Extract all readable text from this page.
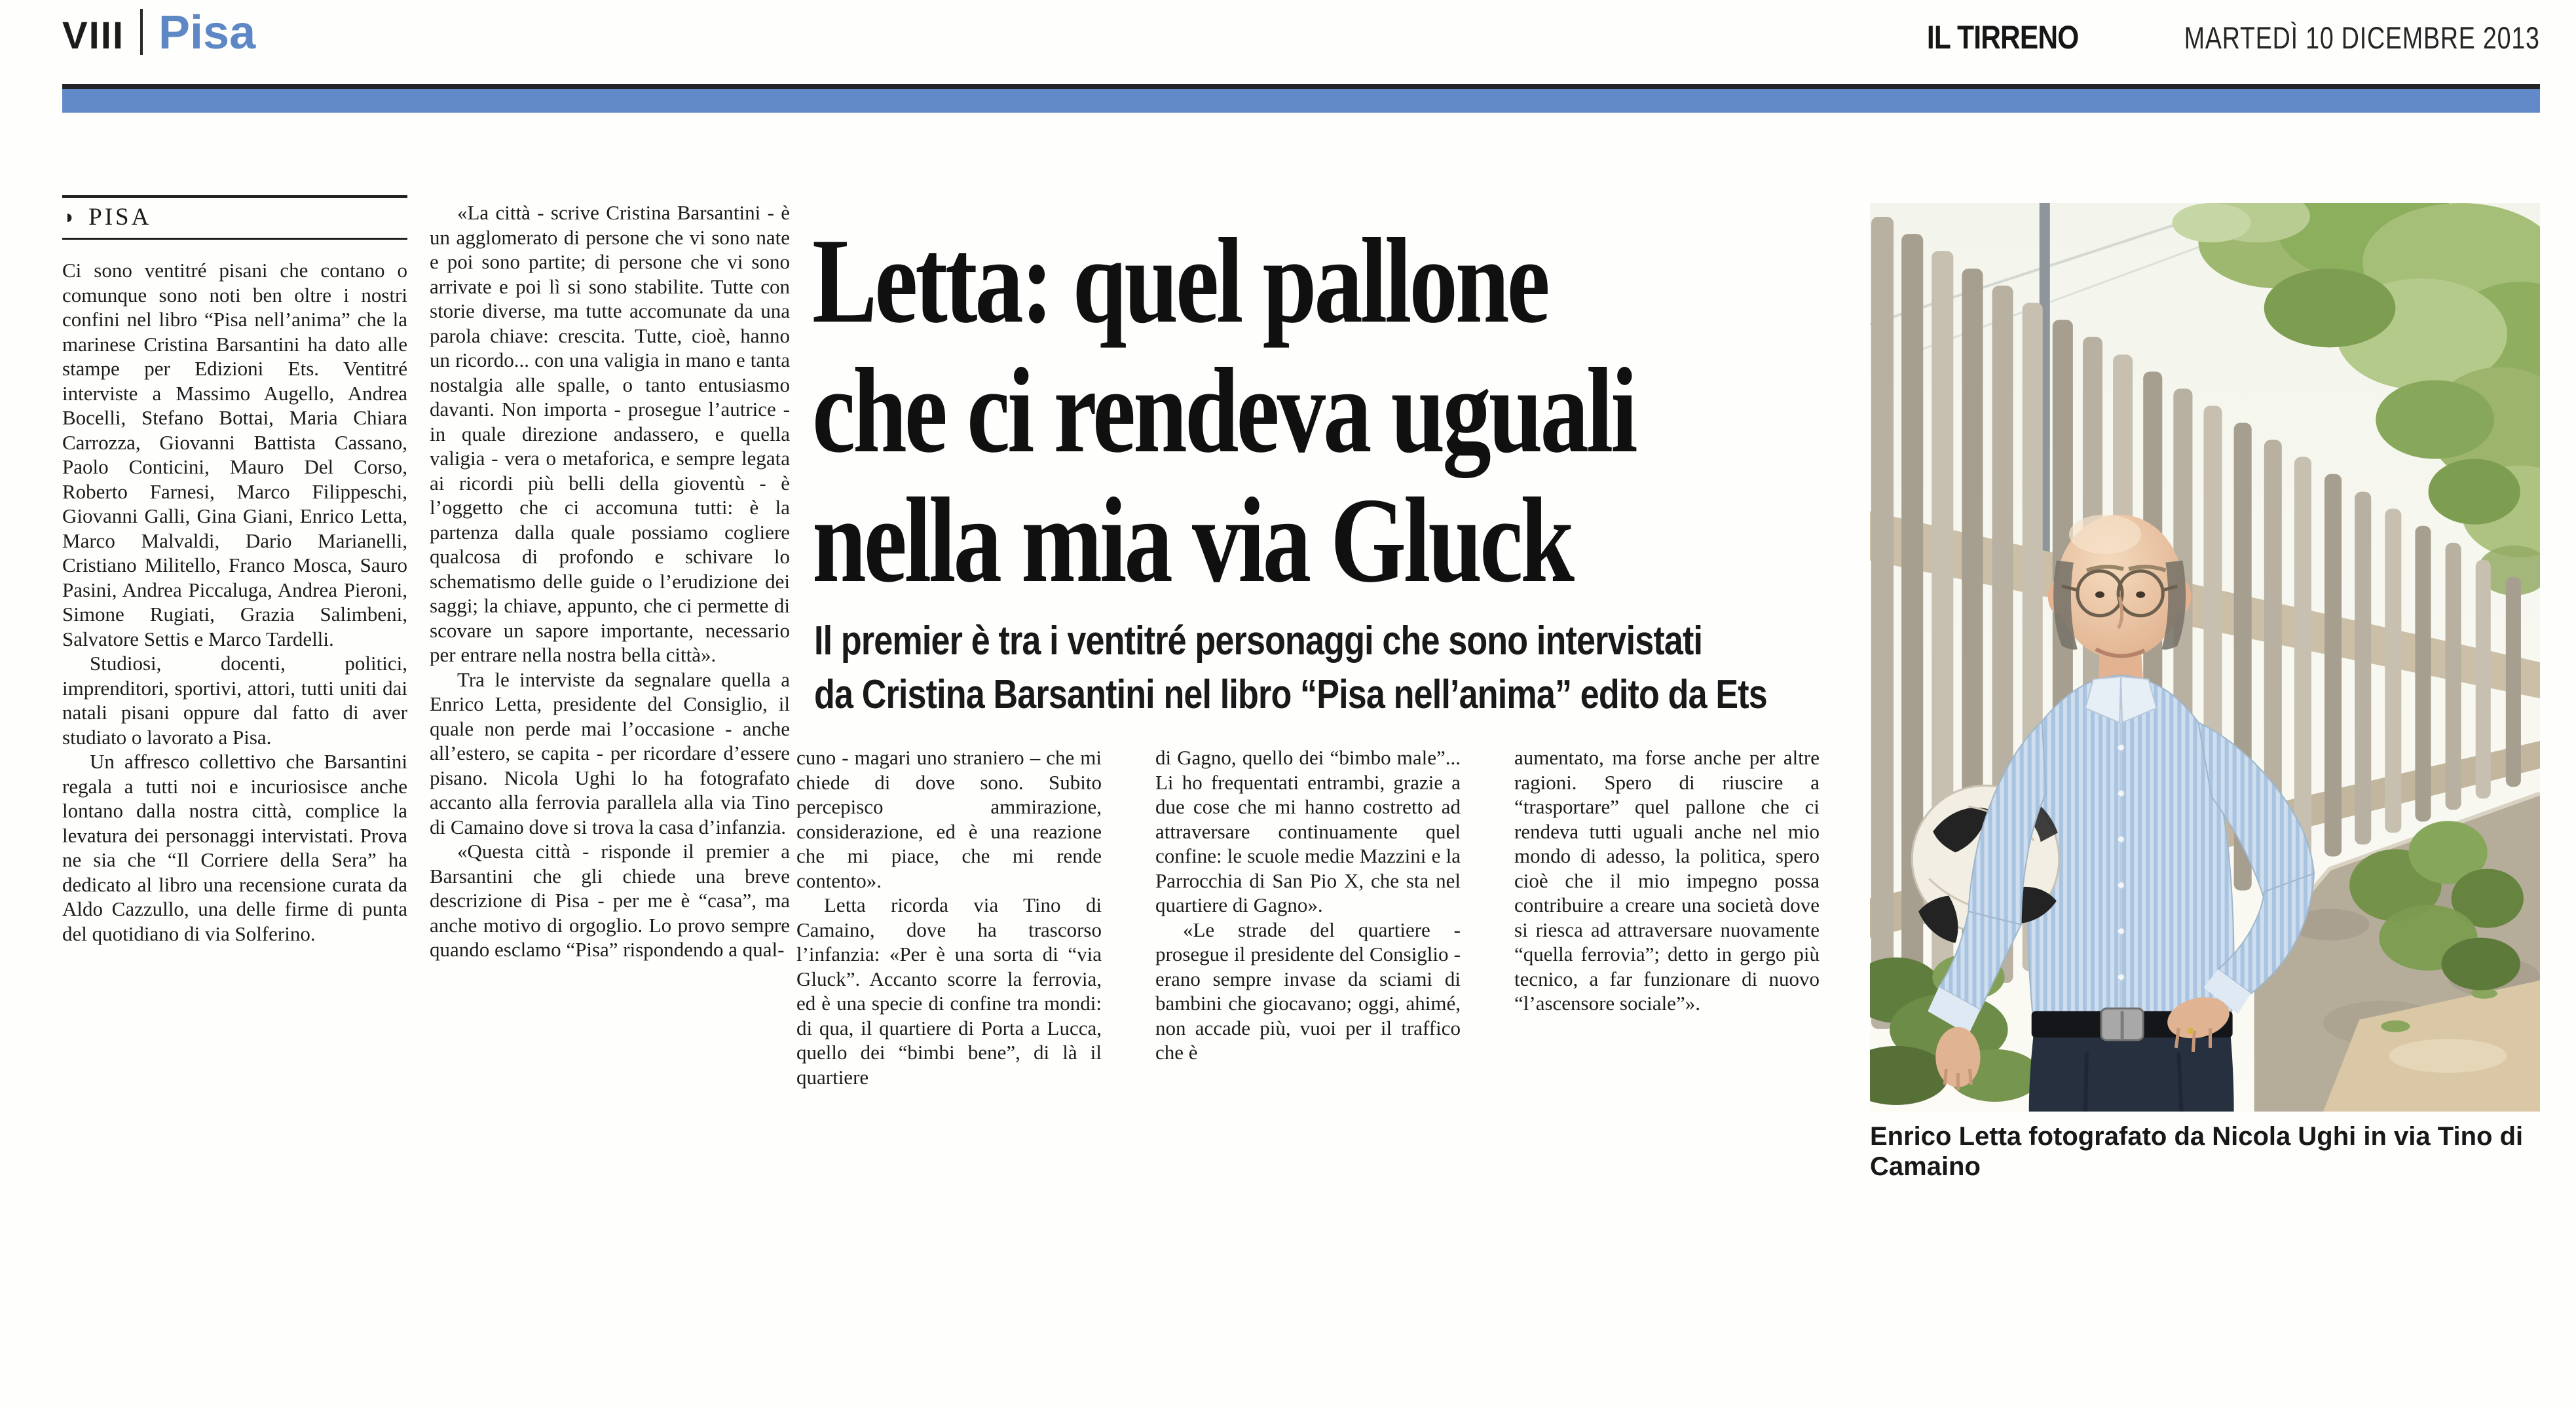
VIII Pisa	IL TIRRENO	MARTEDÌ 10 DICEMBRE 2013
◗ PISA

Ci sono ventitré pisani che contano o comunque sono noti ben oltre i nostri confini nel libro “Pisa nell’anima” che la marinese Cristina Barsantini ha dato alle stampe per Edizioni Ets. Ventitré interviste a Massimo Augello, Andrea Bocelli, Stefano Bottai, Maria Chiara Carrozza, Giovanni Battista Cassano, Paolo Conticini, Mauro Del Corso, Roberto Farnesi, Marco Filippeschi, Giovanni Galli, Gina Giani, Enrico Letta, Marco Malvaldi, Dario Marianelli, Cristiano Militello, Franco Mosca, Sauro Pasini, Andrea Piccaluga, Andrea Pieroni, Simone Rugiati, Grazia Salimbeni, Salvatore Settis e Marco Tardelli.

Studiosi, docenti, politici, imprenditori, sportivi, attori, tutti uniti dai natali pisani oppure dal fatto di aver studiato o lavorato a Pisa.

Un affresco collettivo che Barsantini regala a tutti noi e incuriosisce anche lontano dalla nostra città, complice la levatura dei personaggi intervistati. Prova ne sia che “Il Corriere della Sera” ha dedicato al libro una recensione curata da Aldo Cazzullo, una delle firme di punta del quotidiano di via Solferino.

«La città - scrive Cristina Barsantini - è un agglomerato di persone che vi sono nate e poi sono partite; di persone che vi sono arrivate e poi lì si sono stabilite. Tutte con storie diverse, ma tutte accomunate da una parola chiave: crescita. Tutte, cioè, hanno un ricordo... con una valigia in mano e tanta nostalgia alle spalle, o tanto entusiasmo davanti. Non importa - prosegue l’autrice - in quale direzione andassero, e quella valigia - vera o metaforica, e sempre legata ai ricordi più belli della gioventù - è l’oggetto che ci accomuna tutti: è la partenza dalla quale possiamo cogliere qualcosa di profondo e schivare lo schematismo delle guide o l’erudizione dei saggi; la chiave, appunto, che ci permette di scovare un sapore importante, necessario per entrare nella nostra bella città».

Tra le interviste da segnalare quella a Enrico Letta, presidente del Consiglio, il quale non perde mai l’occasione - anche all’estero, se capita - per ricordare d’essere pisano. Nicola Ughi lo ha fotografato accanto alla ferrovia parallela alla via Tino di Camaino dove si trova la casa d’infanzia.

«Questa città - risponde il premier a Barsantini che gli chiede una breve descrizione di Pisa - per me è “casa”, ma anche motivo di orgoglio. Lo provo sempre quando esclamo “Pisa” rispondendo a qual-

Letta: quel pallone
che ci rendeva uguali
nella mia via Gluck
Il premier è tra i ventitré personaggi che sono intervistati
da Cristina Barsantini nel libro “Pisa nell’anima” edito da Ets

cuno - magari uno straniero – che mi chiede di dove sono. Subito percepisco ammirazione, considerazione, ed è una reazione che mi piace, che mi rende contento».

Letta ricorda via Tino di Camaino, dove ha trascorso l’infanzia: «Per è una sorta di “via Gluck”. Accanto scorre la ferrovia, ed è una specie di confine tra mondi: di qua, il quartiere di Porta a Lucca, quello dei “bimbi bene”, di là il quartiere

di Gagno, quello dei “bimbo male”... Li ho frequentati entrambi, grazie a due cose che mi hanno costretto ad attraversare continuamente quel confine: le scuole medie Mazzini e la Parrocchia di San Pio X, che sta nel quartiere di Gagno».

«Le strade del quartiere - prosegue il presidente del Consiglio - erano sempre invase da sciami di bambini che giocavano; oggi, ahimé, non accade più, vuoi per il traffico che è

aumentato, ma forse anche per altre ragioni. Spero di riuscire a “trasportare” quel pallone che ci rendeva tutti uguali anche nel mio mondo di adesso, la politica, spero cioè che il mio impegno possa contribuire a creare una società dove si riesca ad attraversare nuovamente “quella ferrovia”; detto in gergo più tecnico, a far funzionare di nuovo “l’ascensore sociale”».

Enrico Letta fotografato da Nicola Ughi in via Tino di Camaino
